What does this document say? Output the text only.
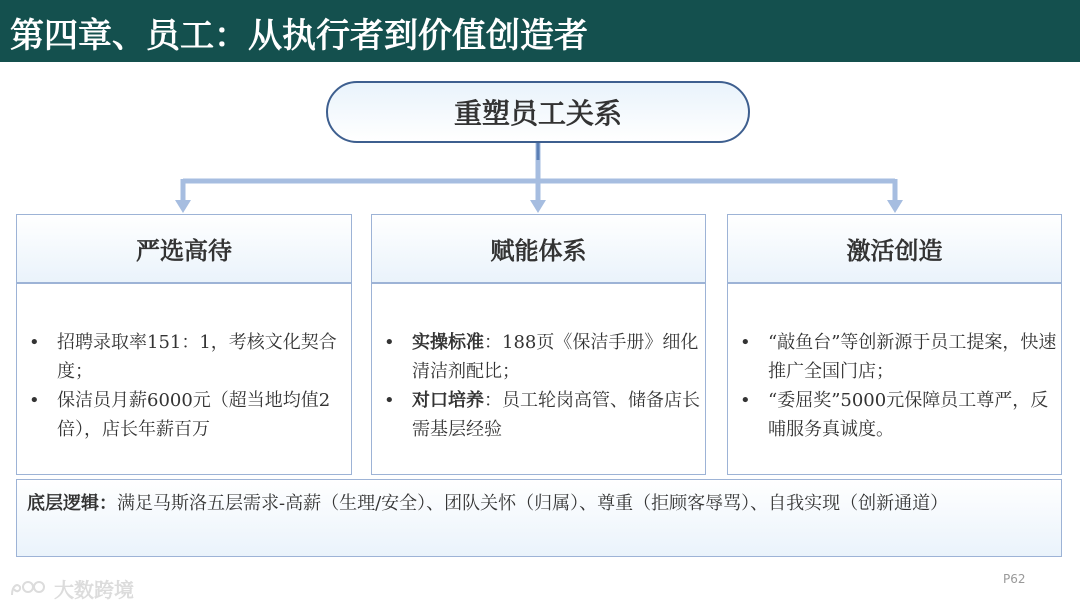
第四章、员工：从执行者到价值创造者
重塑员工关系
严选高待
• 招聘录取率151：1，考核文化契合度；
• 保洁员月薪6000元（超当地均值2倍），店长年薪百万
赋能体系
• 实操标准：188页《保洁手册》细化清洁剂配比；
• 对口培养：员工轮岗高管、储备店长需基层经验
激活创造
• “敲鱼台”等创新源于员工提案，快速推广全国门店；
• “委屈奖”5000元保障员工尊严，反哺服务真诚度。
底层逻辑：满足马斯洛五层需求-高薪（生理/安全）、团队关怀（归属）、尊重（拒顾客辱骂）、自我实现（创新通道）
大数跨境	P62
